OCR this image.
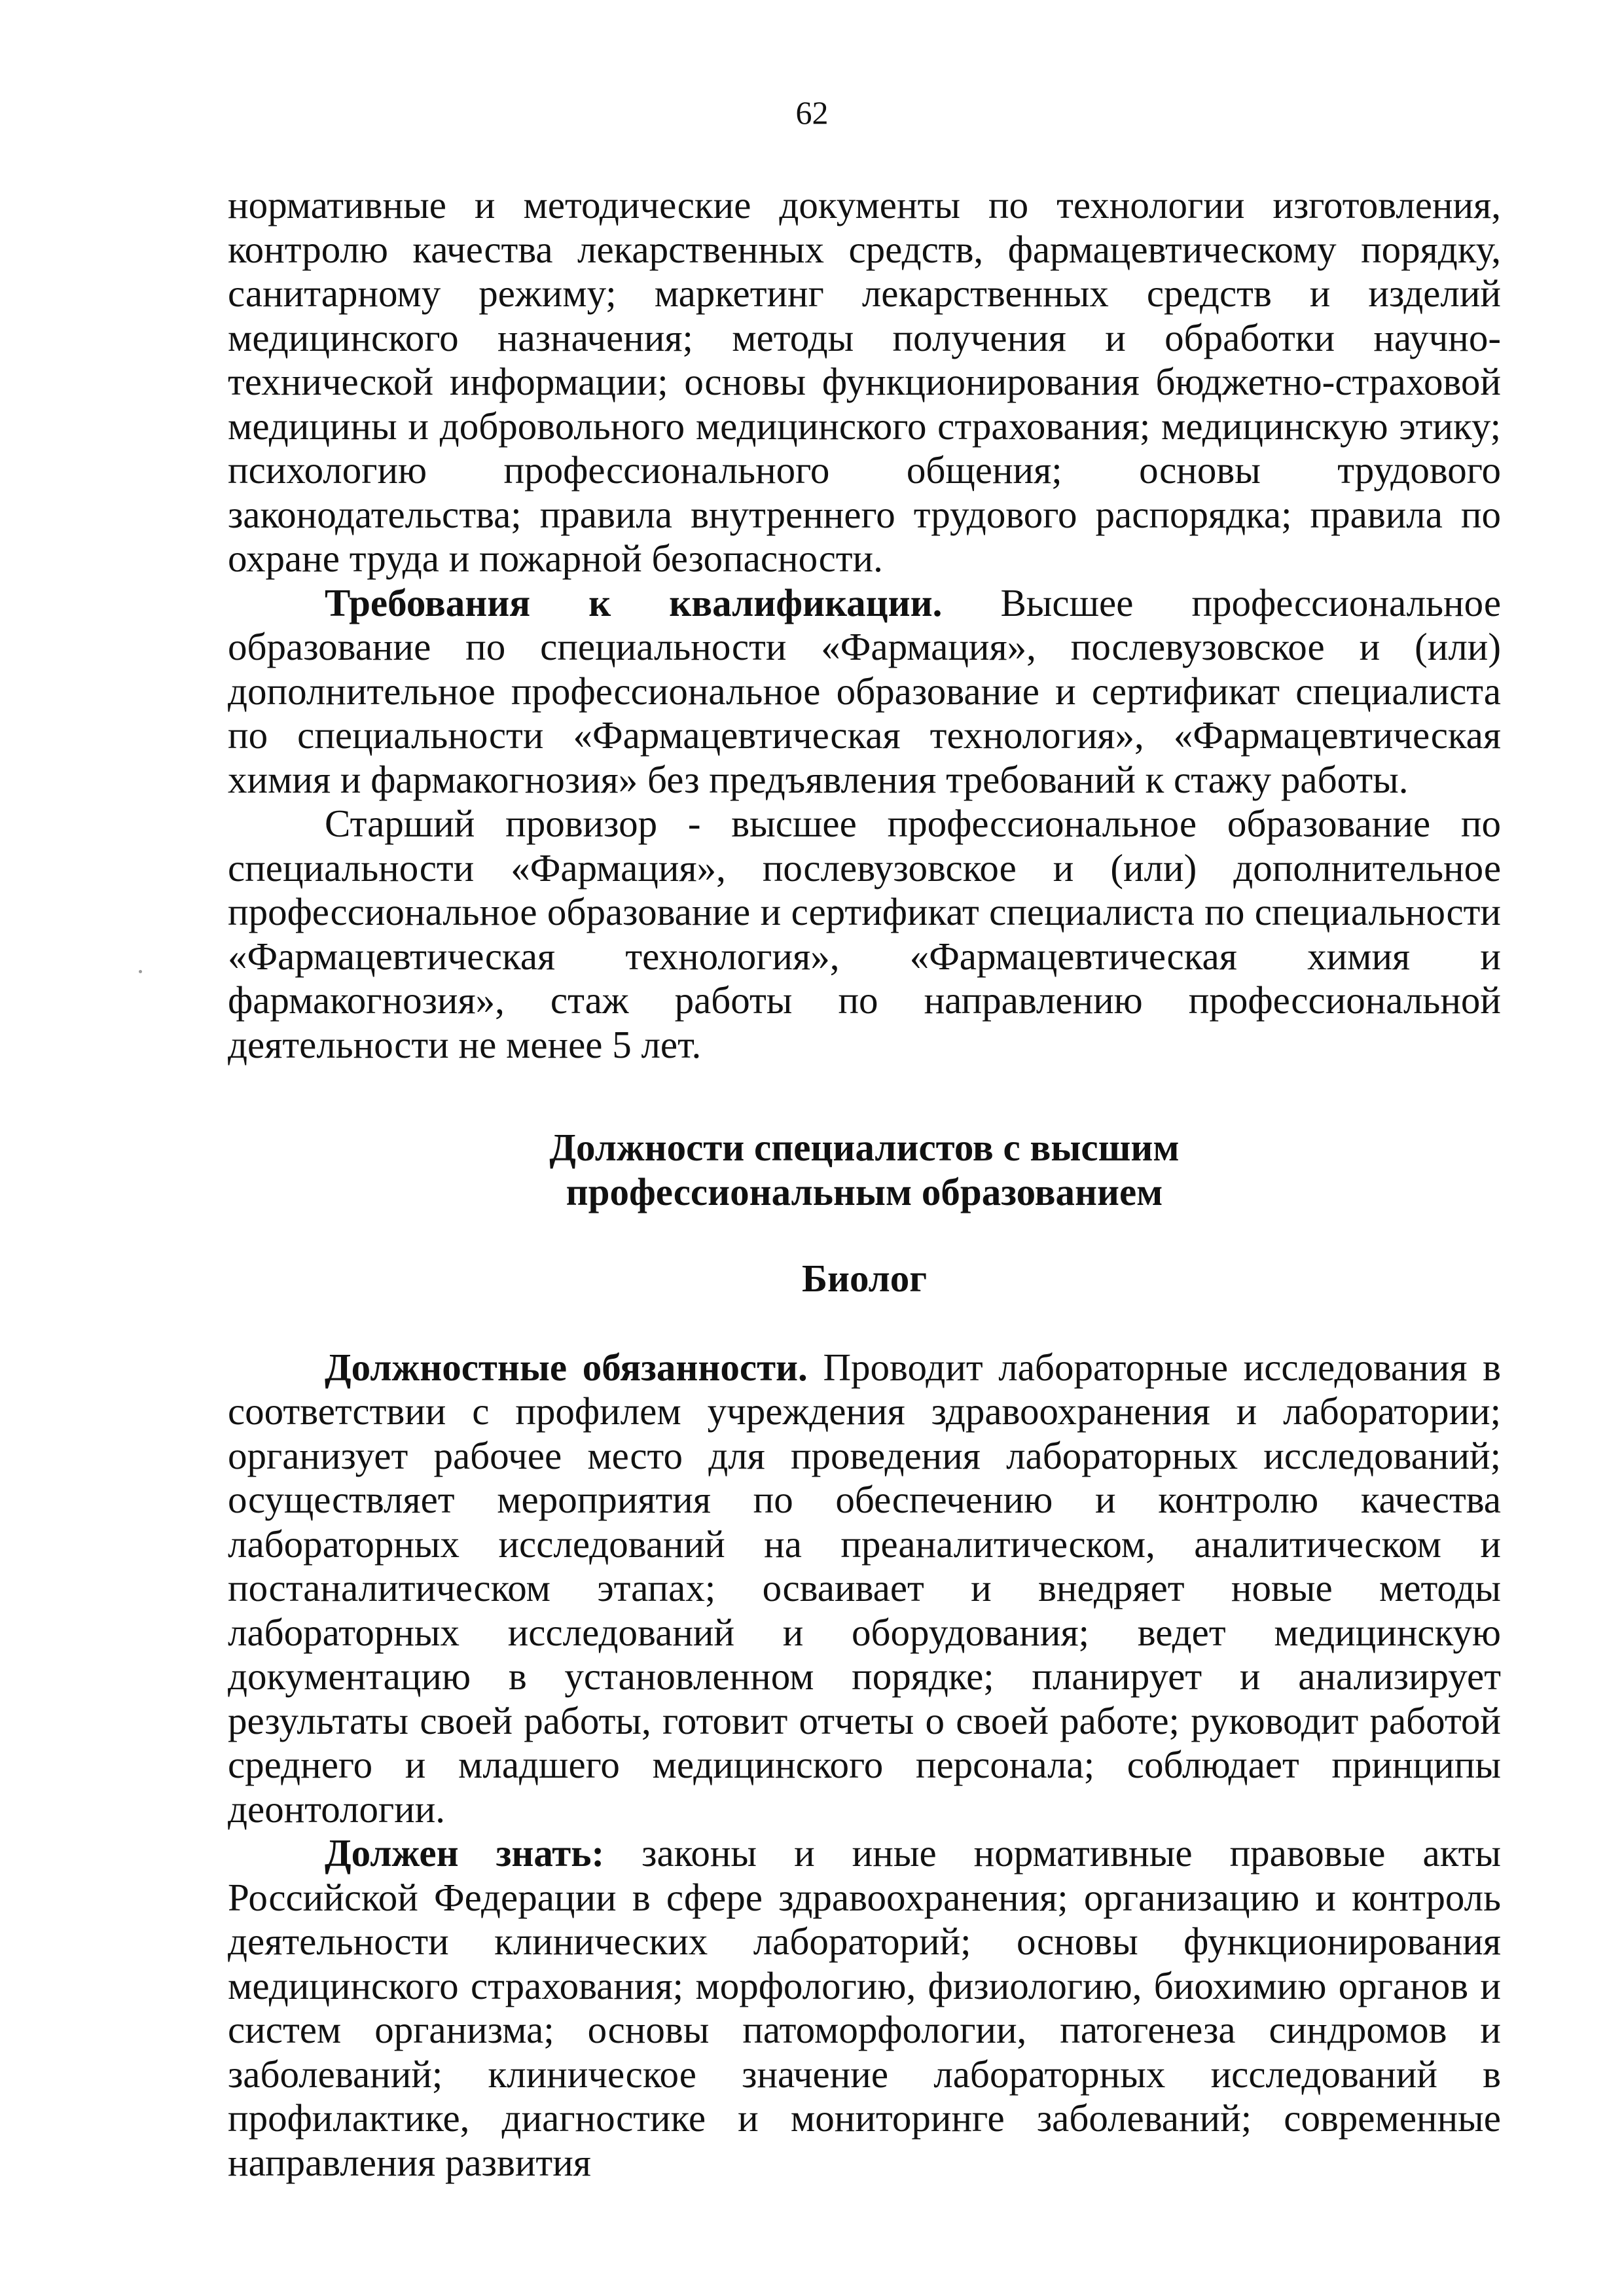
62

нормативные и методические документы по технологии изготовления, контролю качества лекарственных средств, фармацевтическому порядку, санитарному режиму; маркетинг лекарственных средств и изделий медицинского назначения; методы получения и обработки научно-технической информации; основы функционирования бюджетно-страховой медицины и добровольного медицинского страхования; медицинскую этику; психологию профессионального общения; основы трудового законодательства; правила внутреннего трудового распорядка; правила по охране труда и пожарной безопасности.

Требования к квалификации. Высшее профессиональное образование по специальности «Фармация», послевузовское и (или) дополнительное профессиональное образование и сертификат специалиста по специальности «Фармацевтическая технология», «Фармацевтическая химия и фармакогнозия» без предъявления требований к стажу работы.

Старший провизор - высшее профессиональное образование по специальности «Фармация», послевузовское и (или) дополнительное профессиональное образование и сертификат специалиста по специальности «Фармацевтическая технология», «Фармацевтическая химия и фармакогнозия», стаж работы по направлению профессиональной деятельности не менее 5 лет.

Должности специалистов с высшим
профессиональным образованием
Биолог

Должностные обязанности. Проводит лабораторные исследования в соответствии с профилем учреждения здравоохранения и лаборатории; организует рабочее место для проведения лабораторных исследований; осуществляет мероприятия по обеспечению и контролю качества лабораторных исследований на преаналитическом, аналитическом и постаналитическом этапах; осваивает и внедряет новые методы лабораторных исследований и оборудования; ведет медицинскую документацию в установленном порядке; планирует и анализирует результаты своей работы, готовит отчеты о своей работе; руководит работой среднего и младшего медицинского персонала; соблюдает принципы деонтологии.

Должен знать: законы и иные нормативные правовые акты Российской Федерации в сфере здравоохранения; организацию и контроль деятельности клинических лабораторий; основы функционирования медицинского страхования; морфологию, физиологию, биохимию органов и систем организма; основы патоморфологии, патогенеза синдромов и заболеваний; клиническое значение лабораторных исследований в профилактике, диагностике и мониторинге заболеваний; современные направления развития
